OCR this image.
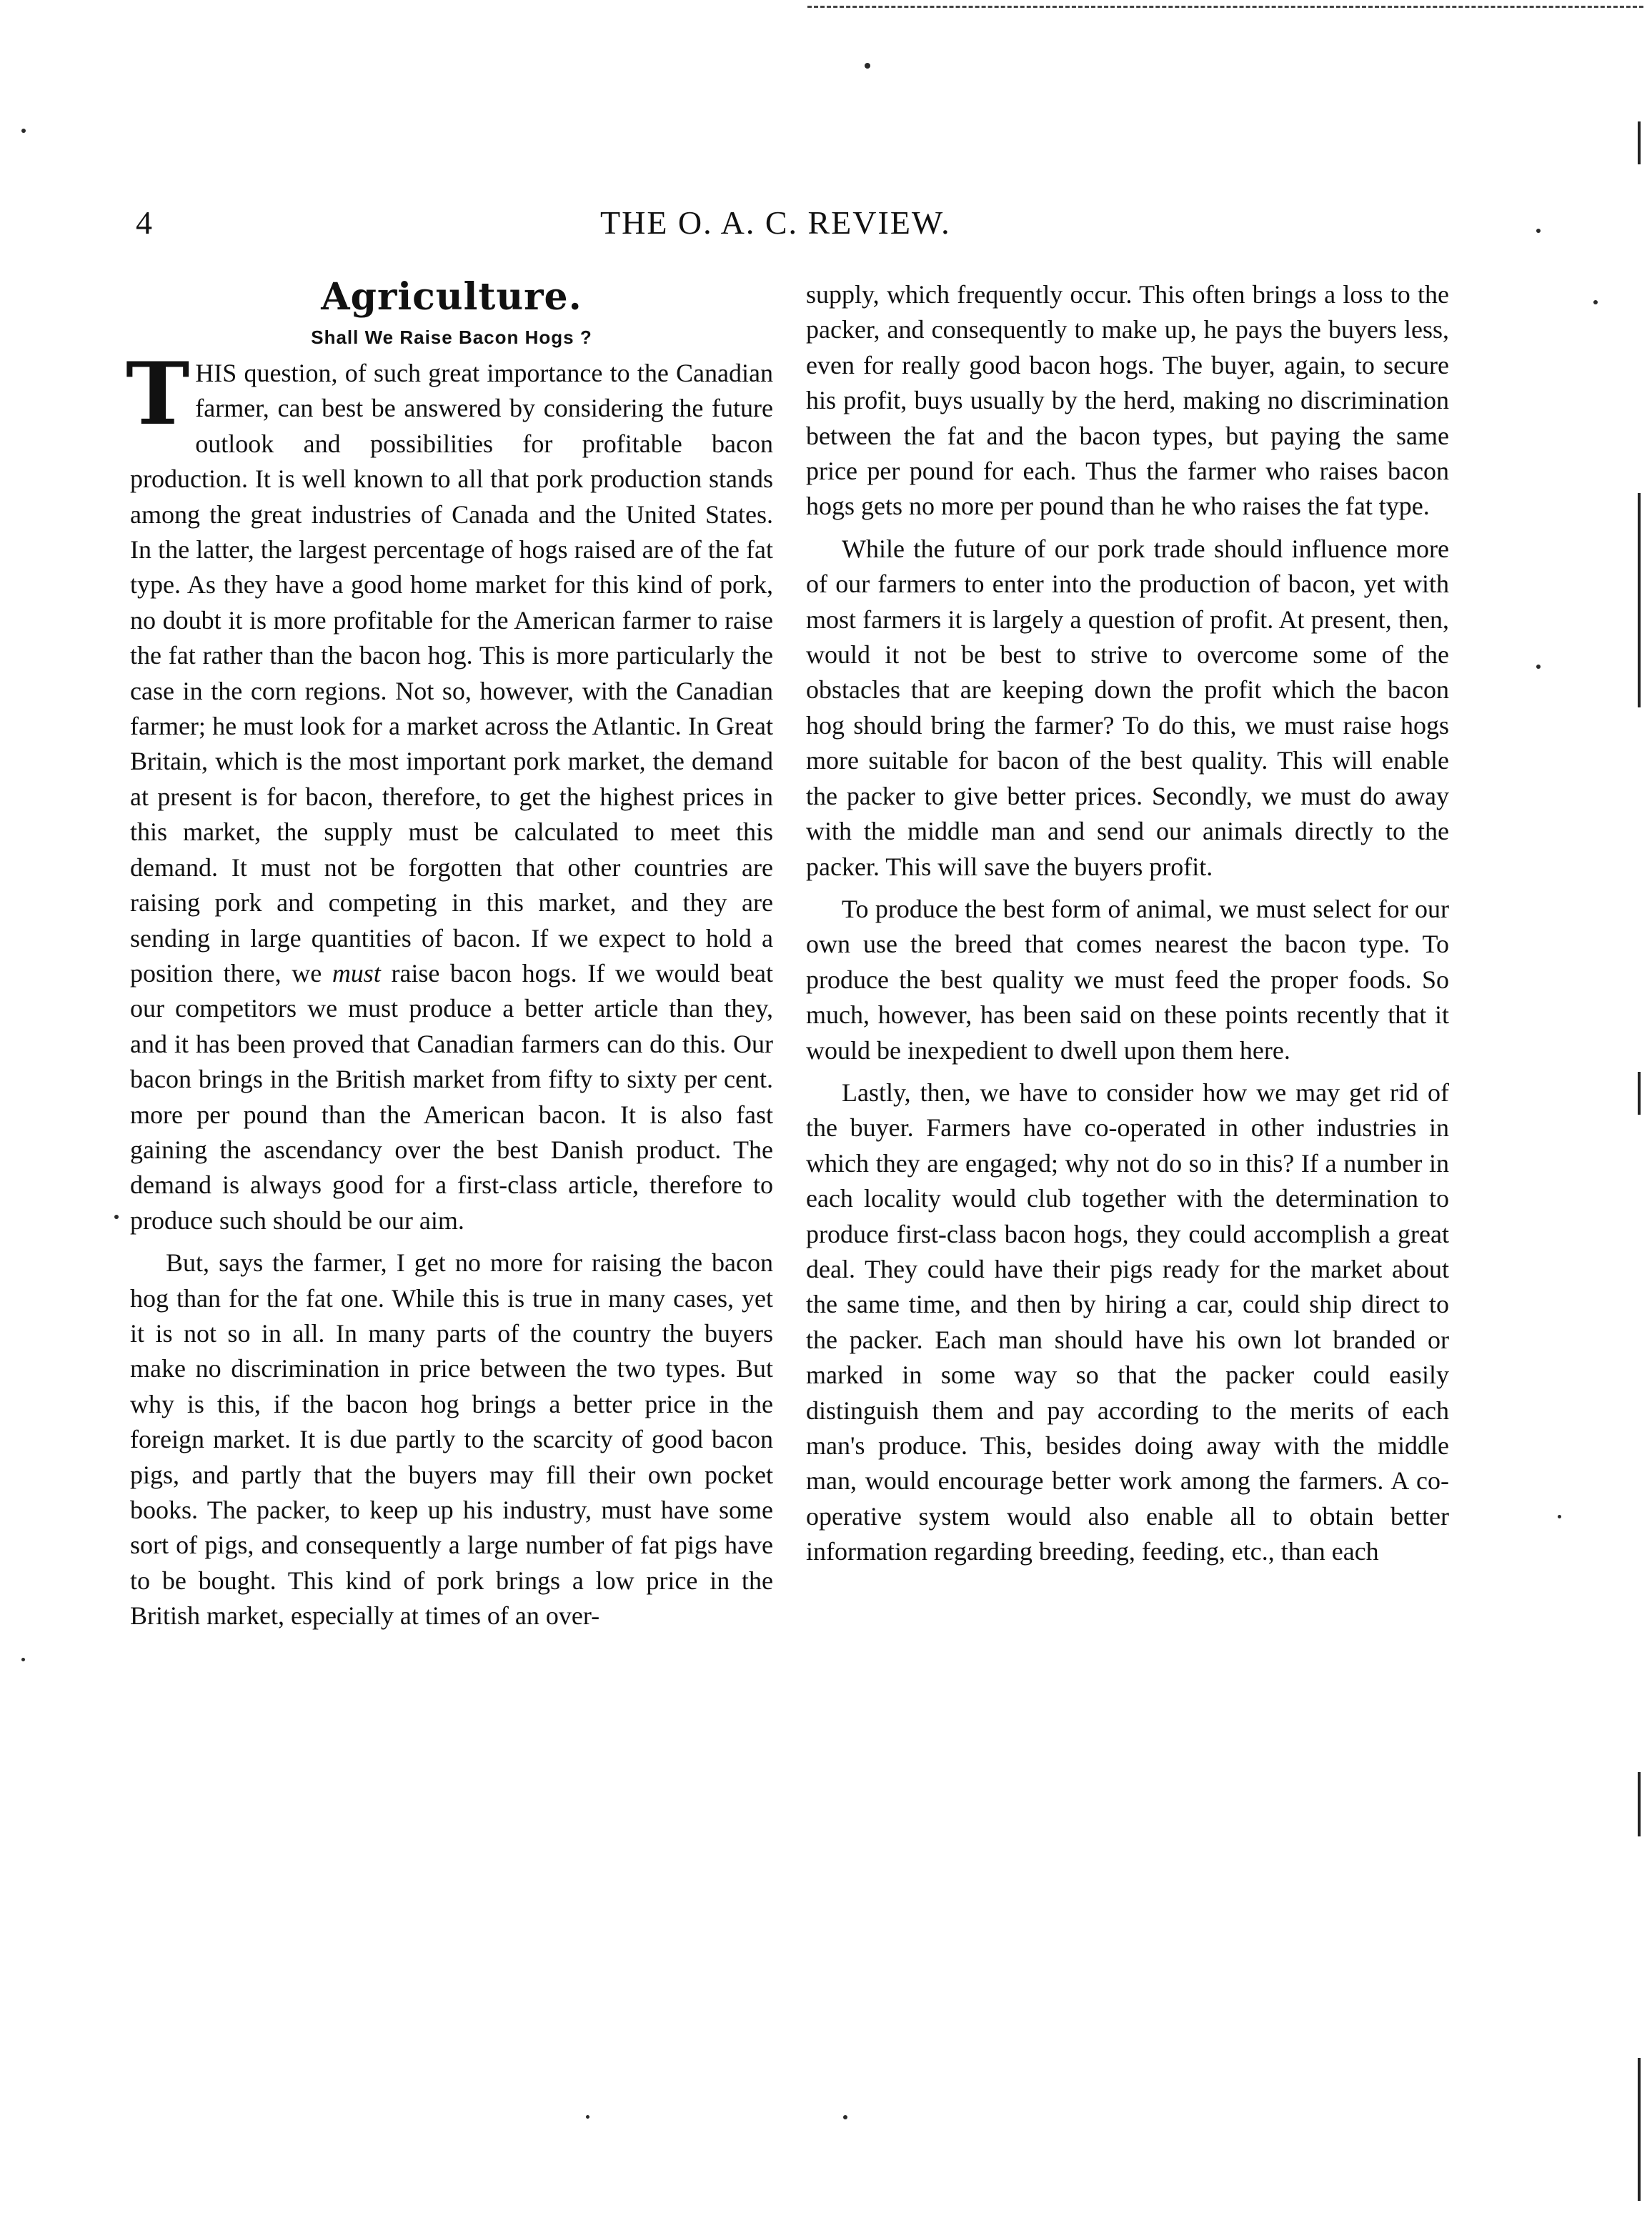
4	THE O. A. C. REVIEW.
Agriculture.
Shall We Raise Bacon Hogs ?

THIS question, of such great importance to the Canadian farmer, can best be answered by considering the future outlook and possibilities for profitable bacon production. It is well known to all that pork production stands among the great industries of Canada and the United States. In the latter, the largest percentage of hogs raised are of the fat type. As they have a good home market for this kind of pork, no doubt it is more profitable for the American farmer to raise the fat rather than the bacon hog. This is more particularly the case in the corn regions. Not so, however, with the Canadian farmer; he must look for a market across the Atlantic. In Great Britain, which is the most important pork market, the demand at present is for bacon, therefore, to get the highest prices in this market, the supply must be calculated to meet this demand. It must not be forgotten that other countries are raising pork and competing in this market, and they are sending in large quantities of bacon. If we expect to hold a position there, we must raise bacon hogs. If we would beat our competitors we must produce a better article than they, and it has been proved that Canadian farmers can do this. Our bacon brings in the British market from fifty to sixty per cent. more per pound than the American bacon. It is also fast gaining the ascendancy over the best Danish product. The demand is always good for a first-class article, therefore to produce such should be our aim.

But, says the farmer, I get no more for raising the bacon hog than for the fat one. While this is true in many cases, yet it is not so in all. In many parts of the country the buyers make no discrimination in price between the two types. But why is this, if the bacon hog brings a better price in the foreign market. It is due partly to the scarcity of good bacon pigs, and partly that the buyers may fill their own pocket books. The packer, to keep up his industry, must have some sort of pigs, and consequently a large number of fat pigs have to be bought. This kind of pork brings a low price in the British market, especially at times of an over-

supply, which frequently occur. This often brings a loss to the packer, and consequently to make up, he pays the buyers less, even for really good bacon hogs. The buyer, again, to secure his profit, buys usually by the herd, making no discrimination between the fat and the bacon types, but paying the same price per pound for each. Thus the farmer who raises bacon hogs gets no more per pound than he who raises the fat type.

While the future of our pork trade should influence more of our farmers to enter into the production of bacon, yet with most farmers it is largely a question of profit. At present, then, would it not be best to strive to overcome some of the obstacles that are keeping down the profit which the bacon hog should bring the farmer? To do this, we must raise hogs more suitable for bacon of the best quality. This will enable the packer to give better prices. Secondly, we must do away with the middle man and send our animals directly to the packer. This will save the buyers profit.

To produce the best form of animal, we must select for our own use the breed that comes nearest the bacon type. To produce the best quality we must feed the proper foods. So much, however, has been said on these points recently that it would be inexpedient to dwell upon them here.

Lastly, then, we have to consider how we may get rid of the buyer. Farmers have co-operated in other industries in which they are engaged; why not do so in this? If a number in each locality would club together with the determination to produce first-class bacon hogs, they could accomplish a great deal. They could have their pigs ready for the market about the same time, and then by hiring a car, could ship direct to the packer. Each man should have his own lot branded or marked in some way so that the packer could easily distinguish them and pay according to the merits of each man's produce. This, besides doing away with the middle man, would encourage better work among the farmers. A co-operative system would also enable all to obtain better information regarding breeding, feeding, etc., than each
